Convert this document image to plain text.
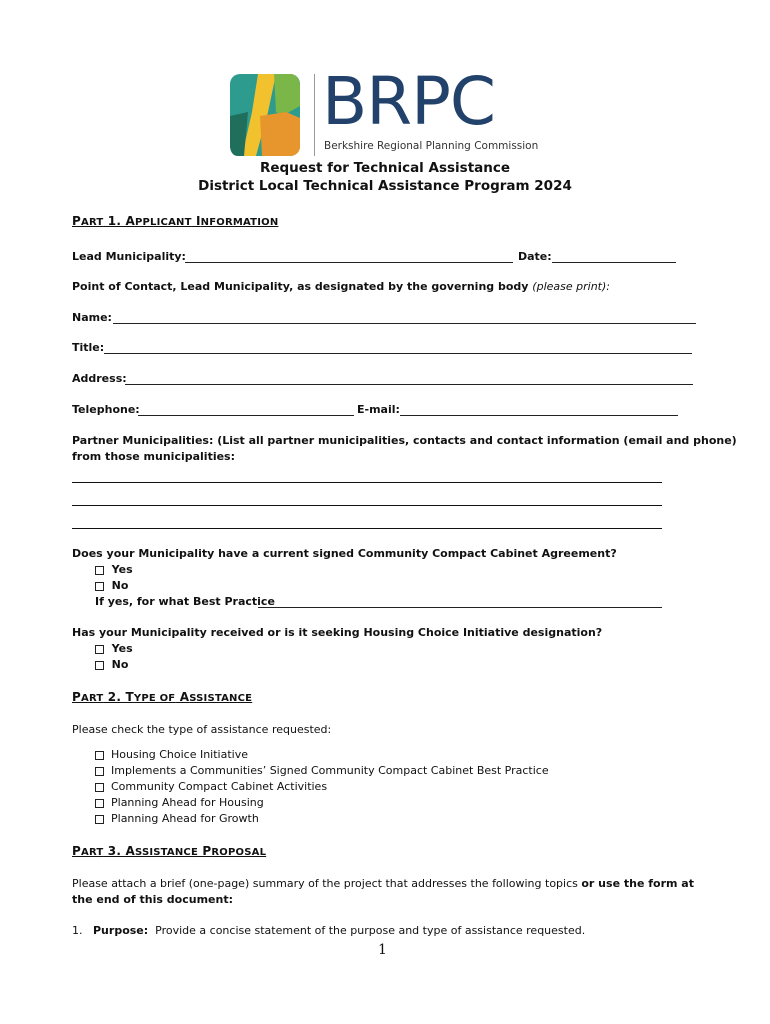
BRPC
Berkshire Regional Planning Commission
Request for Technical Assistance
District Local Technical Assistance Program 2024
PART 1. APPLICANT INFORMATION
Lead Municipality:	Date:
Point of Contact, Lead Municipality, as designated by the governing body (please print):
Name:
Title:
Address:
Telephone:	E-mail:
Partner Municipalities: (List all partner municipalities, contacts and contact information (email and phone)
from those municipalities:
Does your Municipality have a current signed Community Compact Cabinet Agreement?
Yes
No
If yes, for what Best Practice
Has your Municipality received or is it seeking Housing Choice Initiative designation?
Yes
No
PART 2. TYPE OF ASSISTANCE
Please check the type of assistance requested:
Housing Choice Initiative
Implements a Communities’ Signed Community Compact Cabinet Best Practice
Community Compact Cabinet Activities
Planning Ahead for Housing
Planning Ahead for Growth
PART 3. ASSISTANCE PROPOSAL
Please attach a brief (one-page) summary of the project that addresses the following topics or use the form at
the end of this document:
1. Purpose: Provide a concise statement of the purpose and type of assistance requested.
1
